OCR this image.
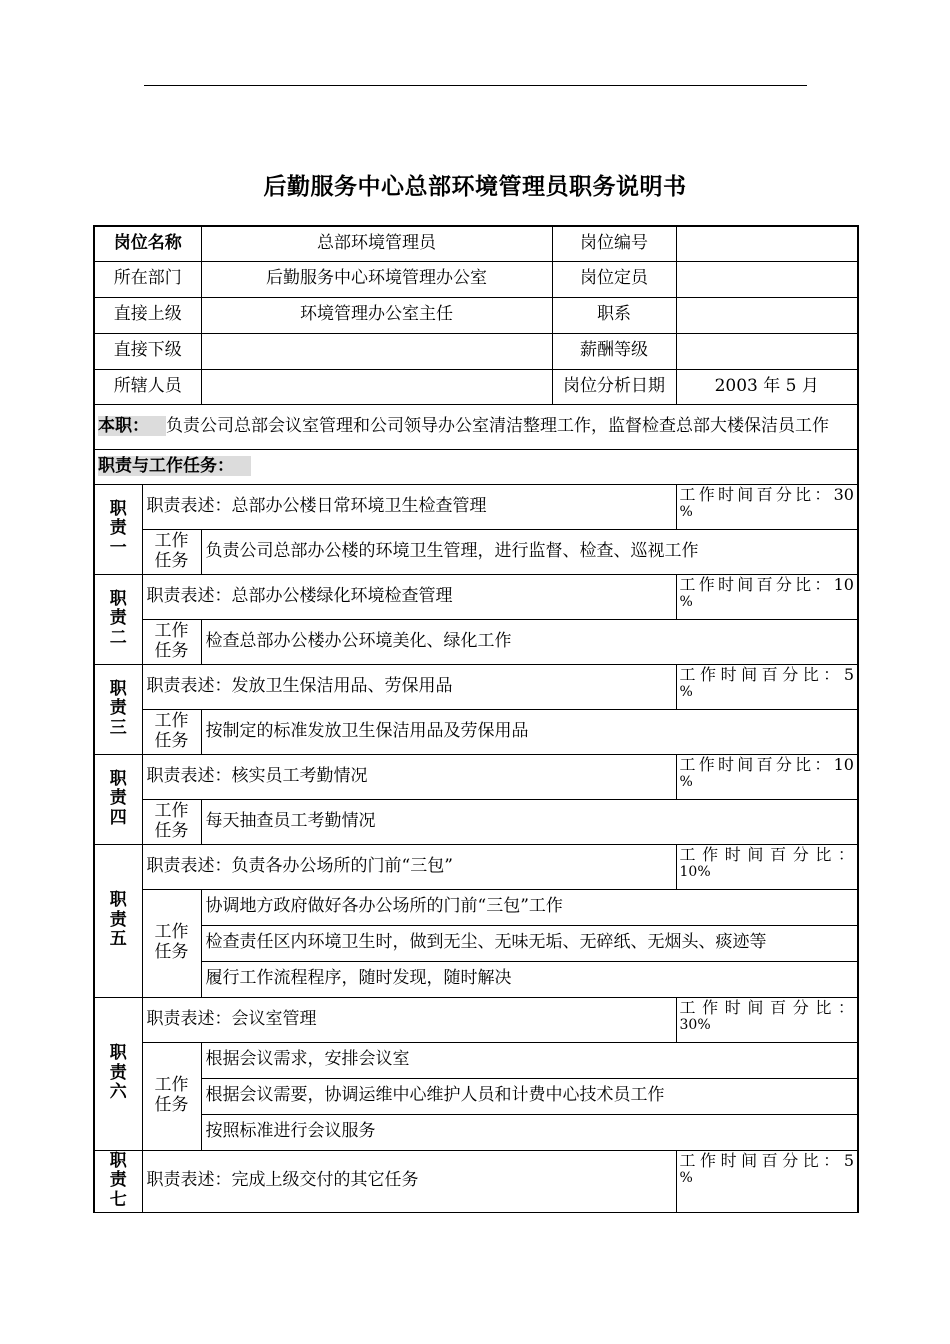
后勤服务中心总部环境管理员职务说明书
岗位名称		总部环境管理员	岗位编号	
所在部门		后勤服务中心环境管理办公室	岗位定员	
直接上级		环境管理办公室主任	职系	
直接下级			薪酬等级	
所辖人员			岗位分析日期	2003 年 5 月
本职：  负责公司总部会议室管理和公司领导办公室清洁整理工作，监督检查总部大楼保洁员工作				
职责与工作任务：				 

职责一	职责表述：总部办公楼日常环境卫生检查管理			工作时间百分比：30
%

	工作任务	负责公司总部办公楼的环境卫生管理，进行监督、检查、巡视工作		

职责二	职责表述：总部办公楼绿化环境检查管理			工作时间百分比：10
%

	工作任务	检查总部办公楼办公环境美化、绿化工作		

职责三	职责表述：发放卫生保洁用品、劳保用品			工作时间百分比：5
%

	工作任务	按制定的标准发放卫生保洁用品及劳保用品		

职责四	职责表述：核实员工考勤情况			工作时间百分比：10
%

	工作任务	每天抽查员工考勤情况		

职责五	职责表述：负责各办公场所的门前“三包”			工作时间百分比：
10%

	工作任务	协调地方政府做好各办公场所的门前“三包”工作		
		检查责任区内环境卫生时，做到无尘、无味无垢、无碎纸、无烟头、痰迹等		
		履行工作流程程序，随时发现，随时解决		

职责六	职责表述：会议室管理			工作时间百分比：
30%

	工作任务	根据会议需求，安排会议室		
		根据会议需要，协调运维中心维护人员和计费中心技术员工作		
		按照标准进行会议服务		

职责七	职责表述：完成上级交付的其它任务			工作时间百分比：5
%
